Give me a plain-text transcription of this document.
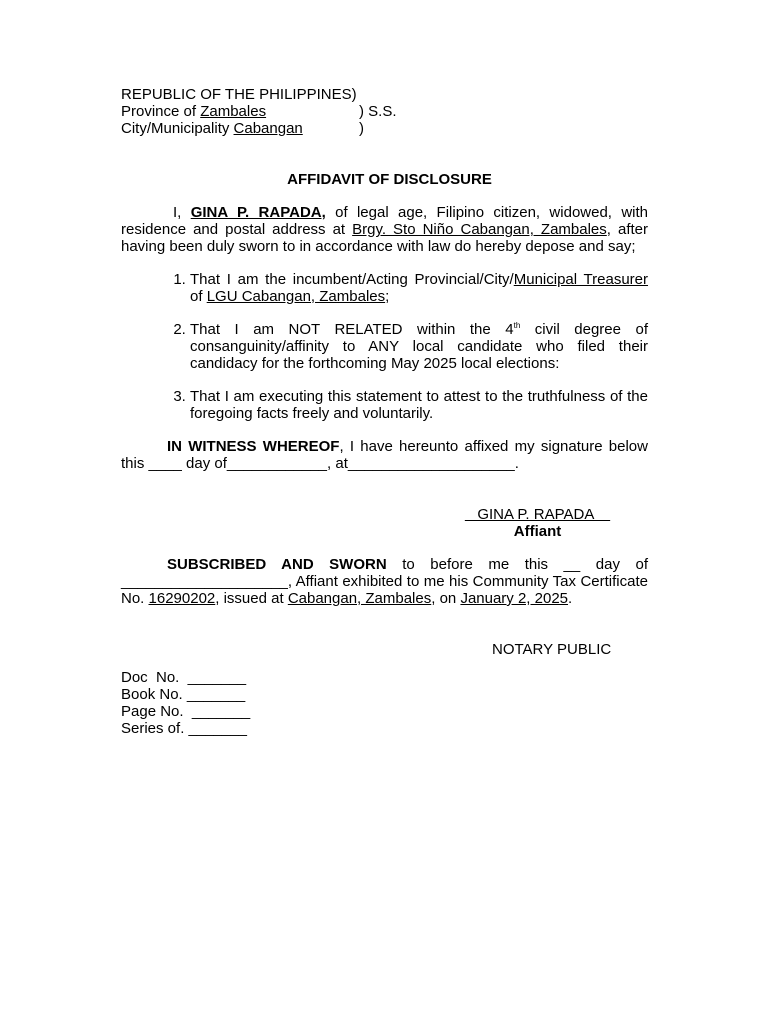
REPUBLIC OF THE PHILIPPINES)
Province of Zambales	) S.S.
City/Municipality Cabangan	)
AFFIDAVIT OF DISCLOSURE

I, GINA P. RAPADA, of legal age, Filipino citizen, widowed, with residence and postal address at Brgy. Sto Niño Cabangan, Zambales, after having been duly sworn to in accordance with law do hereby depose and say;

1. That I am the incumbent/Acting Provincial/City/Municipal Treasurer of LGU Cabangan, Zambales;
2. That I am NOT RELATED within the 4th civil degree of consanguinity/affinity to ANY local candidate who filed their candidacy for the forthcoming May 2025 local elections:
3. That I am executing this statement to attest to the truthfulness of the foregoing facts freely and voluntarily.

IN WITNESS WHEREOF, I have hereunto affixed my signature below this ____ day of____________, at____________________.

GINA P. RAPADA
Affiant

SUBSCRIBED AND SWORN to before me this __ day of ____________________, Affiant exhibited to me his Community Tax Certificate No. 16290202, issued at Cabangan, Zambales, on January 2, 2025.

NOTARY PUBLIC
Doc  No.  _______
Book No. _______
Page No.  _______
Series of. _______
